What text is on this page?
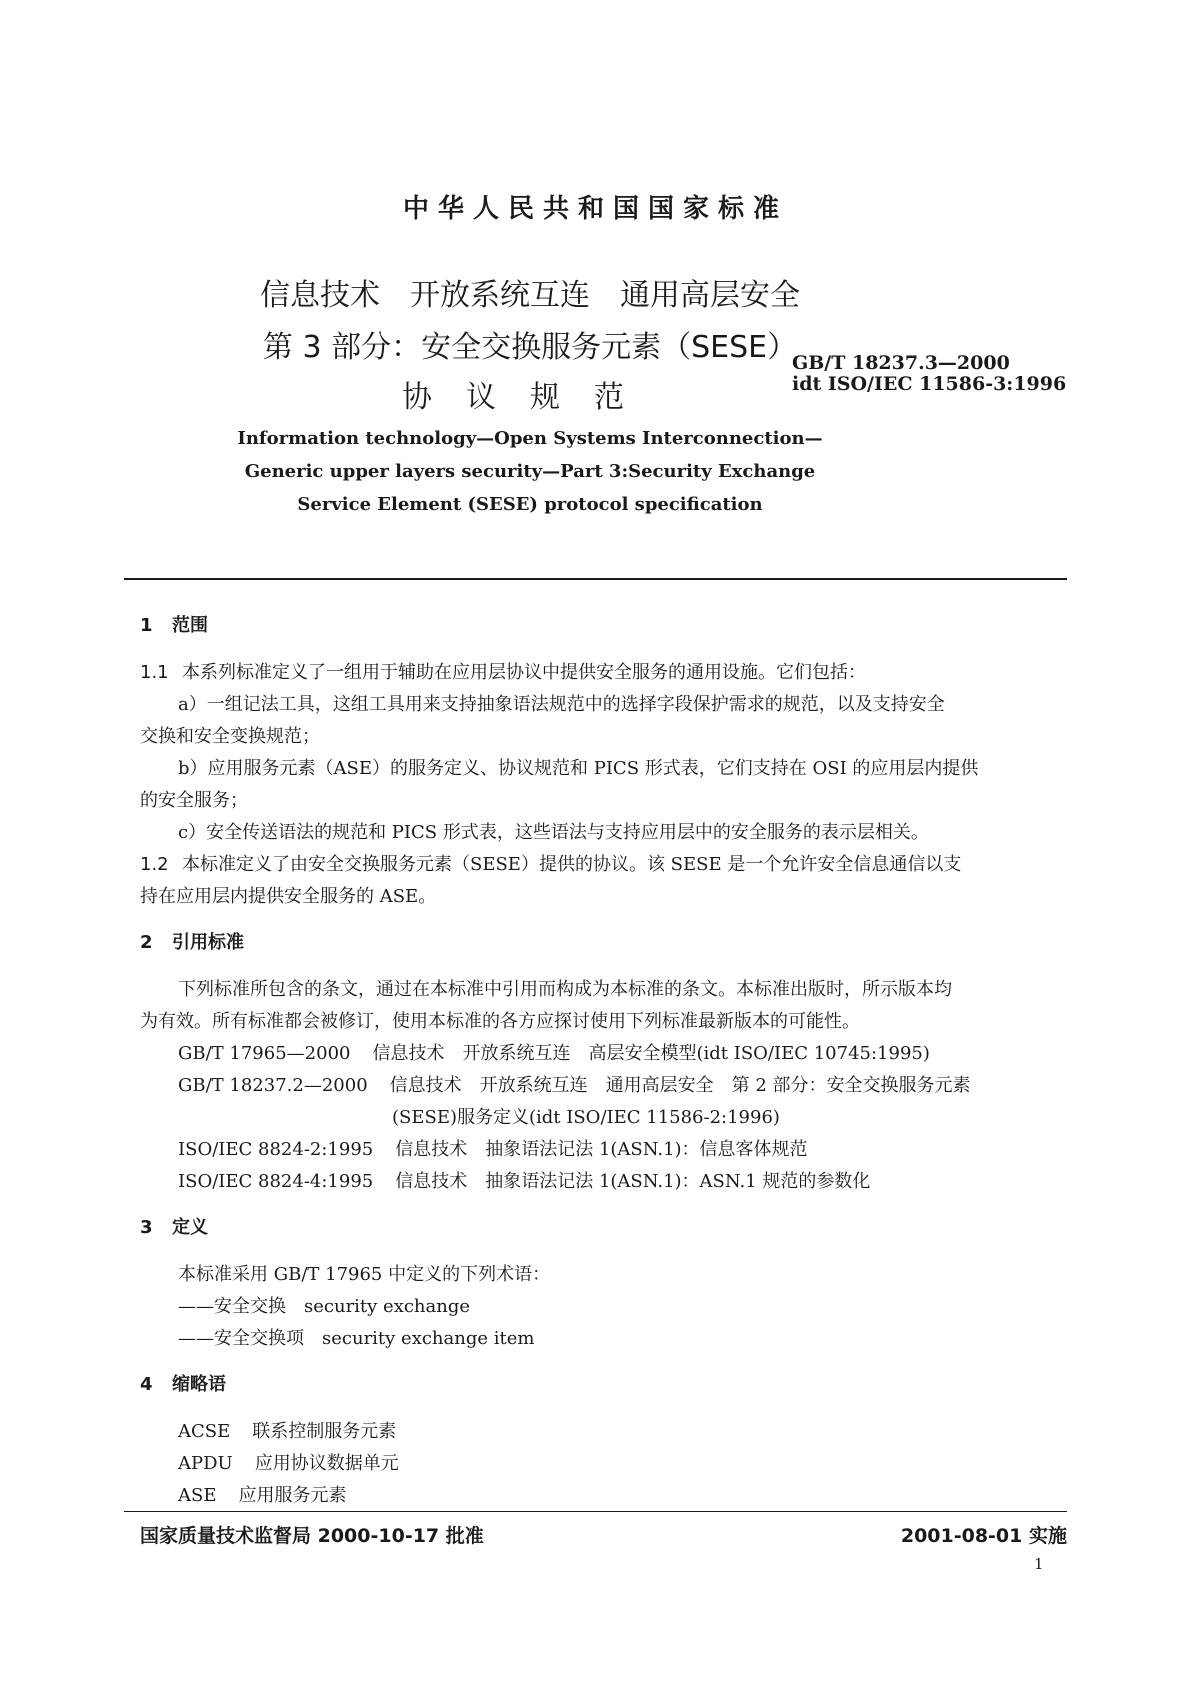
中华人民共和国国家标准
信息技术　开放系统互连　通用高层安全
第 3 部分：安全交换服务元素（SESE）
协议规范
GB/T 18237.3—2000
idt ISO/IEC 11586-3:1996
Information technology—Open Systems Interconnection—
Generic upper layers security—Part 3:Security Exchange
Service Element (SESE) protocol specification
1 范围
1.1 本系列标准定义了一组用于辅助在应用层协议中提供安全服务的通用设施。它们包括：
a）一组记法工具，这组工具用来支持抽象语法规范中的选择字段保护需求的规范，以及支持安全
交换和安全变换规范；
b）应用服务元素（ASE）的服务定义、协议规范和 PICS 形式表，它们支持在 OSI 的应用层内提供
的安全服务；
c）安全传送语法的规范和 PICS 形式表，这些语法与支持应用层中的安全服务的表示层相关。
1.2 本标准定义了由安全交换服务元素（SESE）提供的协议。该 SESE 是一个允许安全信息通信以支
持在应用层内提供安全服务的 ASE。
2 引用标准
下列标准所包含的条文，通过在本标准中引用而构成为本标准的条文。本标准出版时，所示版本均
为有效。所有标准都会被修订，使用本标准的各方应探讨使用下列标准最新版本的可能性。
GB/T 17965—2000 信息技术　开放系统互连　高层安全模型(idt ISO/IEC 10745:1995)
GB/T 18237.2—2000 信息技术　开放系统互连　通用高层安全　第 2 部分：安全交换服务元素
(SESE)服务定义(idt ISO/IEC 11586-2:1996)
ISO/IEC 8824-2:1995 信息技术　抽象语法记法 1(ASN.1)：信息客体规范
ISO/IEC 8824-4:1995 信息技术　抽象语法记法 1(ASN.1)：ASN.1 规范的参数化
3 定义
本标准采用 GB/T 17965 中定义的下列术语：
——安全交换　security exchange
——安全交换项　security exchange item
4 缩略语
ACSE 联系控制服务元素
APDU 应用协议数据单元
ASE 应用服务元素
国家质量技术监督局 2000-10-17 批准	2001-08-01 实施
1
